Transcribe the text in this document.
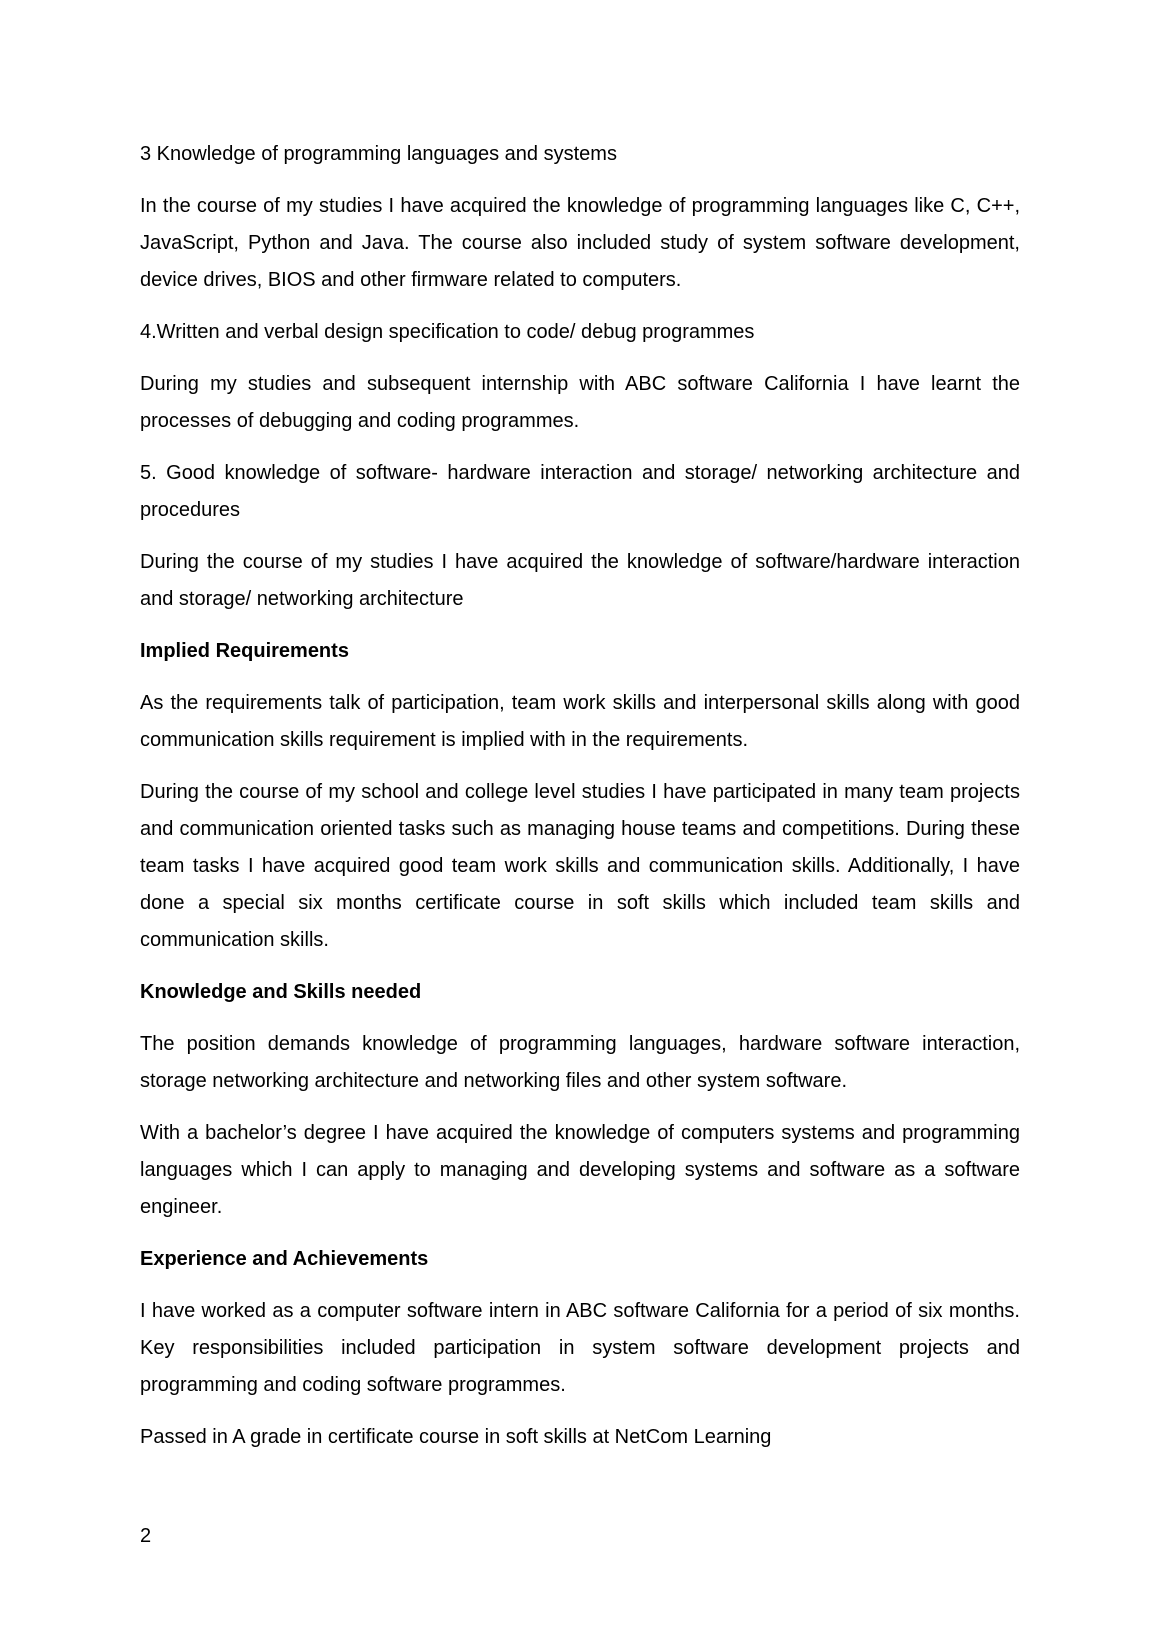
3 Knowledge of programming languages and systems

In the course of my studies I have acquired the knowledge of programming languages like C, C++, JavaScript, Python and Java. The course also included study of system software development, device drives, BIOS and other firmware related to computers.

4.Written and verbal design specification to code/ debug programmes

During my studies and subsequent internship with ABC software California I have learnt the processes of debugging and coding programmes.

5. Good knowledge of software- hardware interaction and storage/ networking architecture and procedures

During the course of my studies I have acquired the knowledge of software/hardware interaction and storage/ networking architecture

Implied Requirements

As the requirements talk of participation, team work skills and interpersonal skills along with good communication skills requirement is implied with in the requirements.

During the course of my school and college level studies I have participated in many team projects and communication oriented tasks such as managing house teams and competitions. During these team tasks I have acquired good team work skills and communication skills. Additionally, I have done a special six months certificate course in soft skills which included team skills and communication skills.

Knowledge and Skills needed

The position demands knowledge of programming languages, hardware software interaction, storage networking architecture and networking files and other system software.

With a bachelor’s degree I have acquired the knowledge of computers systems and programming languages which I can apply to managing and developing systems and software as a software engineer.

Experience and Achievements

I have worked as a computer software intern in ABC software California for a period of six months. Key responsibilities included participation in system software development projects and programming and coding software programmes.

Passed in A grade in certificate course in soft skills at NetCom Learning

2
